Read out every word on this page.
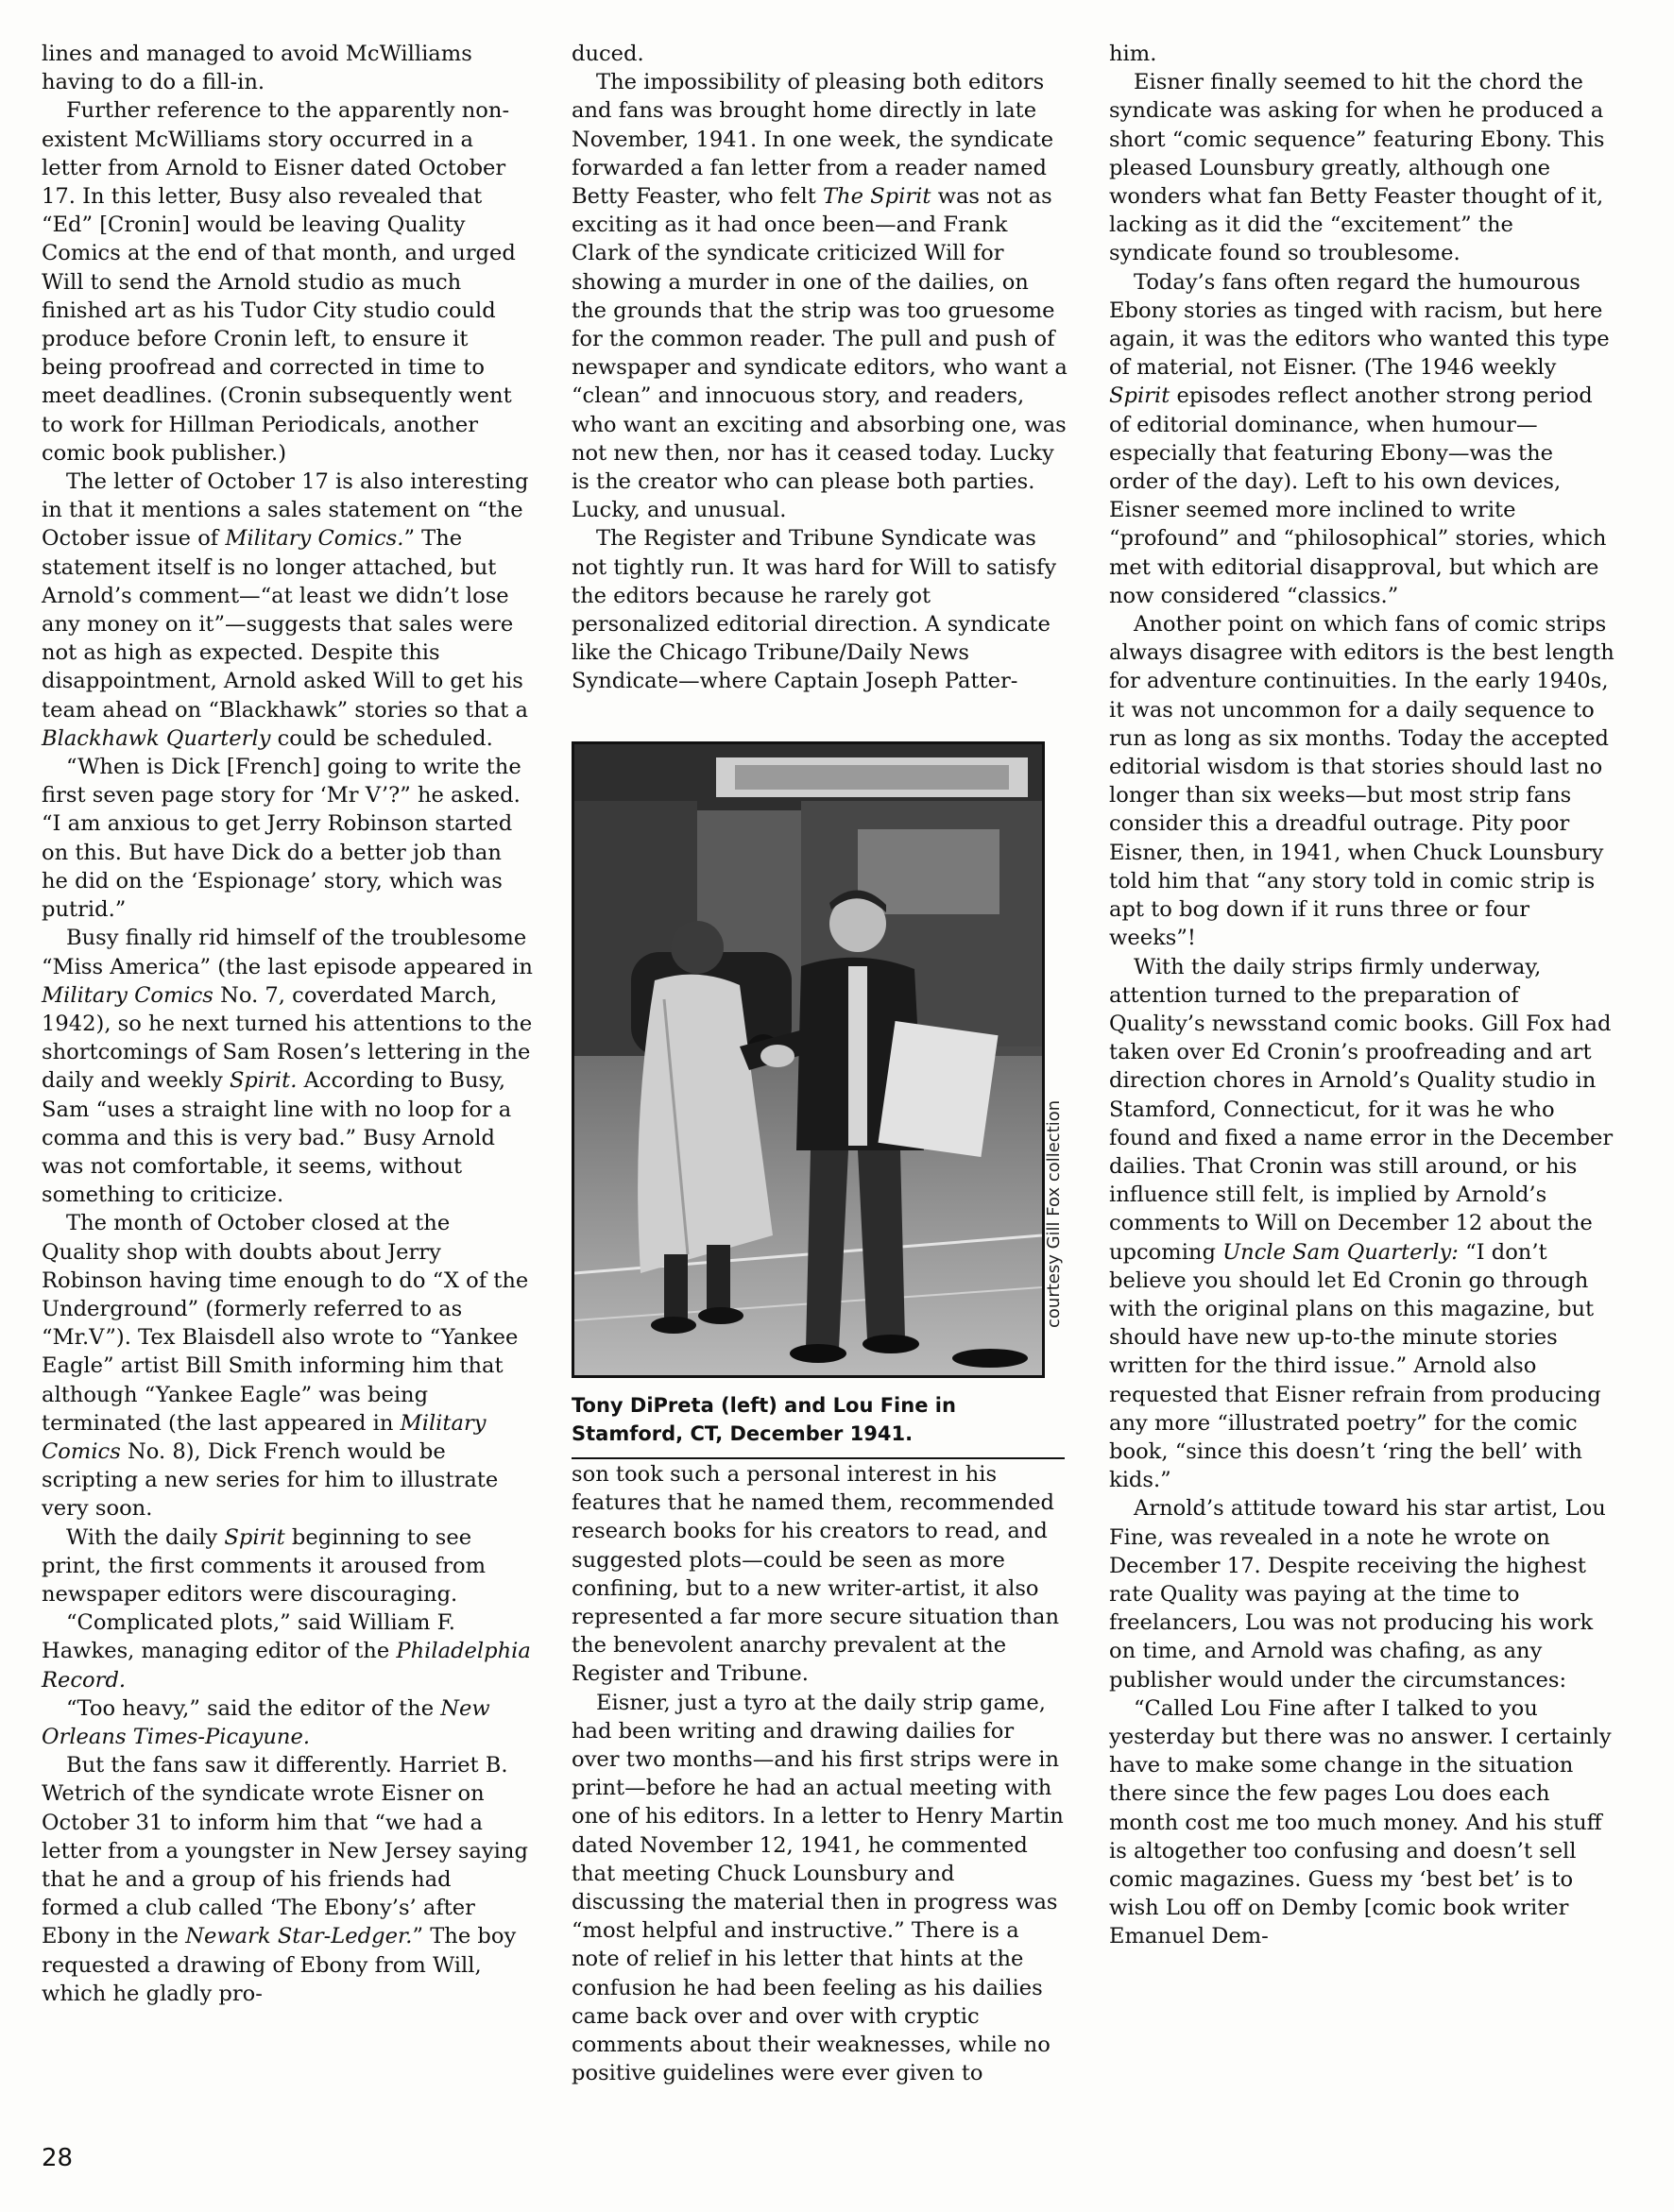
lines and managed to avoid McWilliams having to do a fill-in.

Further reference to the apparently non-existent McWilliams story occurred in a letter from Arnold to Eisner dated October 17. In this letter, Busy also revealed that “Ed” [Cronin] would be leaving Quality Comics at the end of that month, and urged Will to send the Arnold studio as much finished art as his Tudor City studio could produce before Cronin left, to ensure it being proofread and corrected in time to meet deadlines. (Cronin subsequently went to work for Hillman Periodicals, another comic book publisher.)

The letter of October 17 is also interesting in that it mentions a sales statement on “the October issue of Military Comics.” The statement itself is no longer attached, but Arnold’s comment—“at least we didn’t lose any money on it”—suggests that sales were not as high as expected. Despite this disappointment, Arnold asked Will to get his team ahead on “Blackhawk” stories so that a Blackhawk Quarterly could be scheduled.

“When is Dick [French] going to write the first seven page story for ‘Mr V’?” he asked. “I am anxious to get Jerry Robinson started on this. But have Dick do a better job than he did on the ‘Espionage’ story, which was putrid.”

Busy finally rid himself of the troublesome “Miss America” (the last episode appeared in Military Comics No. 7, coverdated March, 1942), so he next turned his attentions to the shortcomings of Sam Rosen’s lettering in the daily and weekly Spirit. According to Busy, Sam “uses a straight line with no loop for a comma and this is very bad.” Busy Arnold was not comfortable, it seems, without something to criticize.

The month of October closed at the Quality shop with doubts about Jerry Robinson having time enough to do “X of the Underground” (formerly referred to as “Mr.V”). Tex Blaisdell also wrote to “Yankee Eagle” artist Bill Smith informing him that although “Yankee Eagle” was being terminated (the last appeared in Military Comics No. 8), Dick French would be scripting a new series for him to illustrate very soon.

With the daily Spirit beginning to see print, the first comments it aroused from newspaper editors were discouraging.

“Complicated plots,” said William F. Hawkes, managing editor of the Philadelphia Record.

“Too heavy,” said the editor of the New Orleans Times-Picayune.

But the fans saw it differently. Harriet B. Wetrich of the syndicate wrote Eisner on October 31 to inform him that “we had a letter from a youngster in New Jersey saying that he and a group of his friends had formed a club called ‘The Ebony’s’ after Ebony in the Newark Star-Ledger.” The boy requested a drawing of Ebony from Will, which he gladly pro-

duced.

The impossibility of pleasing both editors and fans was brought home directly in late November, 1941. In one week, the syndicate forwarded a fan letter from a reader named Betty Feaster, who felt The Spirit was not as exciting as it had once been—and Frank Clark of the syndicate criticized Will for showing a murder in one of the dailies, on the grounds that the strip was too gruesome for the common reader. The pull and push of newspaper and syndicate editors, who want a “clean” and innocuous story, and readers, who want an exciting and absorbing one, was not new then, nor has it ceased today. Lucky is the creator who can please both parties. Lucky, and unusual.

The Register and Tribune Syndicate was not tightly run. It was hard for Will to satisfy the editors because he rarely got personalized editorial direction. A syndicate like the Chicago Tribune/Daily News Syndicate—where Captain Joseph Patter-

courtesy Gill Fox collection
Tony DiPreta (left) and Lou Fine in Stamford, CT, December 1941.

son took such a personal interest in his features that he named them, recommended research books for his creators to read, and suggested plots—could be seen as more confining, but to a new writer-artist, it also represented a far more secure situation than the benevolent anarchy prevalent at the Register and Tribune.

Eisner, just a tyro at the daily strip game, had been writing and drawing dailies for over two months—and his first strips were in print—before he had an actual meeting with one of his editors. In a letter to Henry Martin dated November 12, 1941, he commented that meeting Chuck Lounsbury and discussing the material then in progress was “most helpful and instructive.” There is a note of relief in his letter that hints at the confusion he had been feeling as his dailies came back over and over with cryptic comments about their weaknesses, while no positive guidelines were ever given to

him.

Eisner finally seemed to hit the chord the syndicate was asking for when he produced a short “comic sequence” featuring Ebony. This pleased Lounsbury greatly, although one wonders what fan Betty Feaster thought of it, lacking as it did the “excitement” the syndicate found so troublesome.

Today’s fans often regard the humourous Ebony stories as tinged with racism, but here again, it was the editors who wanted this type of material, not Eisner. (The 1946 weekly Spirit episodes reflect another strong period of editorial dominance, when humour—especially that featuring Ebony—was the order of the day). Left to his own devices, Eisner seemed more inclined to write “profound” and “philosophical” stories, which met with editorial disapproval, but which are now considered “classics.”

Another point on which fans of comic strips always disagree with editors is the best length for adventure continuities. In the early 1940s, it was not uncommon for a daily sequence to run as long as six months. Today the accepted editorial wisdom is that stories should last no longer than six weeks—but most strip fans consider this a dreadful outrage. Pity poor Eisner, then, in 1941, when Chuck Lounsbury told him that “any story told in comic strip is apt to bog down if it runs three or four weeks”!

With the daily strips firmly underway, attention turned to the preparation of Quality’s newsstand comic books. Gill Fox had taken over Ed Cronin’s proofreading and art direction chores in Arnold’s Quality studio in Stamford, Connecticut, for it was he who found and fixed a name error in the December dailies. That Cronin was still around, or his influence still felt, is implied by Arnold’s comments to Will on December 12 about the upcoming Uncle Sam Quarterly: “I don’t believe you should let Ed Cronin go through with the original plans on this magazine, but should have new up-to-the minute stories written for the third issue.” Arnold also requested that Eisner refrain from producing any more “illustrated poetry” for the comic book, “since this doesn’t ‘ring the bell’ with kids.”

Arnold’s attitude toward his star artist, Lou Fine, was revealed in a note he wrote on December 17. Despite receiving the highest rate Quality was paying at the time to freelancers, Lou was not producing his work on time, and Arnold was chafing, as any publisher would under the circumstances:

“Called Lou Fine after I talked to you yesterday but there was no answer. I certainly have to make some change in the situation there since the few pages Lou does each month cost me too much money. And his stuff is altogether too confusing and doesn’t sell comic magazines. Guess my ‘best bet’ is to wish Lou off on Demby [comic book writer Emanuel Dem-

28
